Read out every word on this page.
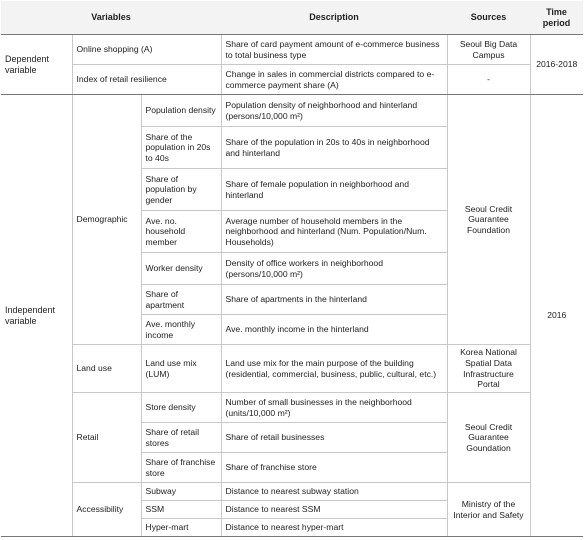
Variables			Description	Sources	Time period
Dependent variable	Online shopping (A)		Share of card payment amount of e-commerce business to total business type	Seoul Big Data Campus	2016-2018
	Index of retail resilience		Change in sales in commercial districts compared to e-commerce payment share (A)	-	
Independent variable	Demographic	Population density	Population density of neighborhood and hinterland (persons/10,000 m²)	Seoul Credit Guarantee Foundation	2016
		Share of the population in 20s to 40s	Share of the population in 20s to 40s in neighborhood and hinterland		
		Share of population by gender	Share of female population in neighborhood and hinterland		
		Ave. no. household member	Average number of household members in the neighborhood and hinterland (Num. Population/Num. Households)		
		Worker density	Density of office workers in neighborhood (persons/10,000 m²)		
		Share of apartment	Share of apartments in the hinterland		
		Ave. monthly income	Ave. monthly income in the hinterland		
	Land use	Land use mix (LUM)	Land use mix for the main purpose of the building (residential, commercial, business, public, cultural, etc.)	Korea National Spatial Data Infrastructure Portal	
	Retail	Store density	Number of small businesses in the neighborhood (units/10,000 m²)	Seoul Credit Guarantee Goundation	
		Share of retail stores	Share of retail businesses		
		Share of franchise store	Share of franchise store		
	Accessibility	Subway	Distance to nearest subway station	Ministry of the Interior and Safety	
		SSM	Distance to nearest SSM		
		Hyper-mart	Distance to nearest hyper-mart		
